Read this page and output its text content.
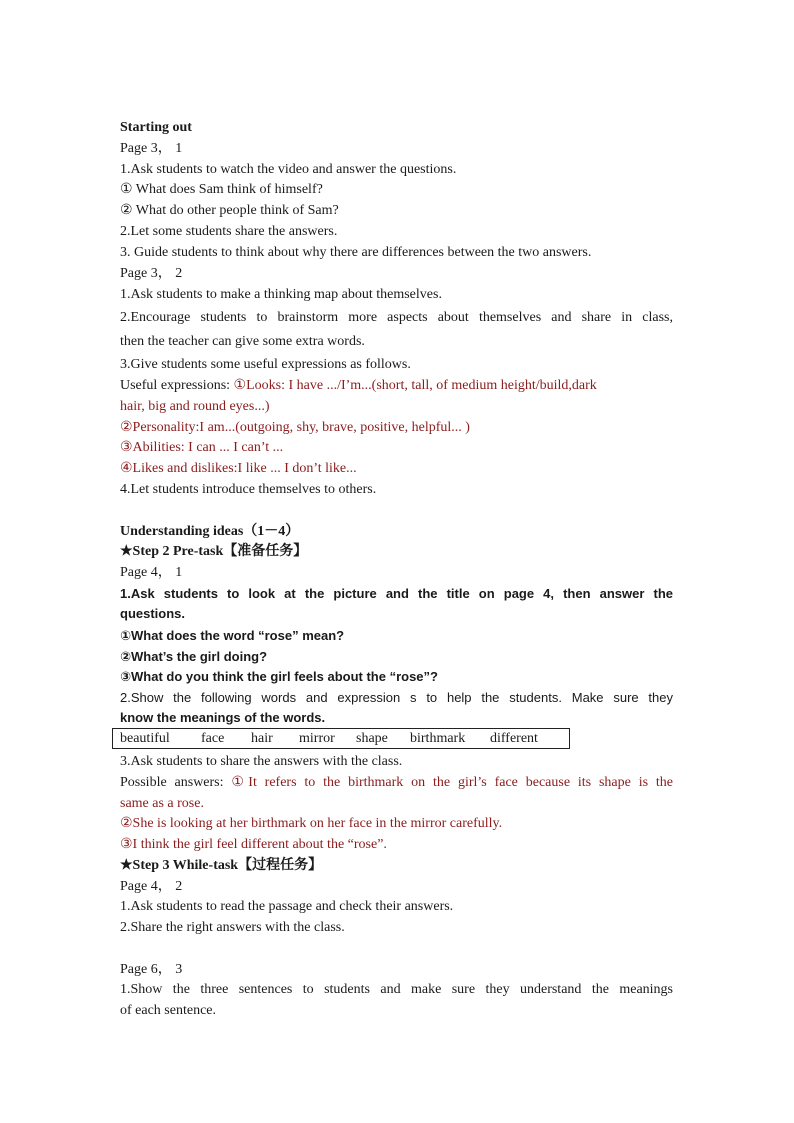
Starting out
Page 3， 1
1.Ask students to watch the video and answer the questions.
① What does Sam think of himself?
② What do other people think of Sam?
2.Let some students share the answers.
3. Guide students to think about why there are differences between the two answers.
Page 3， 2
1.Ask students to make a thinking map about themselves.
2.Encourage students to brainstorm more aspects about themselves and share in class,
then the teacher can give some extra words.
3.Give students some useful expressions as follows.
Useful expressions: ①Looks: I have .../I’m...(short, tall, of medium height/build,dark
hair, big and round eyes...)
②Personality:I am...(outgoing, shy, brave, positive, helpful... )
③Abilities: I can ... I can’t ...
④Likes and dislikes:I like ... I don’t like...
4.Let students introduce themselves to others.
Understanding ideas（1－4）
★Step 2 Pre-task【准备任务】
Page 4， 1
1.Ask students to look at the picture and the title on page 4, then answer the
questions.
①What does the word “rose” mean?
②What’s the girl doing?
③What do you think the girl feels about the “rose”?
2.Show the following words and expression s to help the students. Make sure they
know the meanings of the words.
beautiful face hair mirror shape birthmark different
3.Ask students to share the answers with the class.
Possible answers: ①It refers to the birthmark on the girl’s face because its shape is the
same as a rose.
②She is looking at her birthmark on her face in the mirror carefully.
③I think the girl feel different about the “rose”.
★Step 3 While-task【过程任务】
Page 4， 2
1.Ask students to read the passage and check their answers.
2.Share the right answers with the class.
Page 6， 3
1.Show the three sentences to students and make sure they understand the meanings
of each sentence.
